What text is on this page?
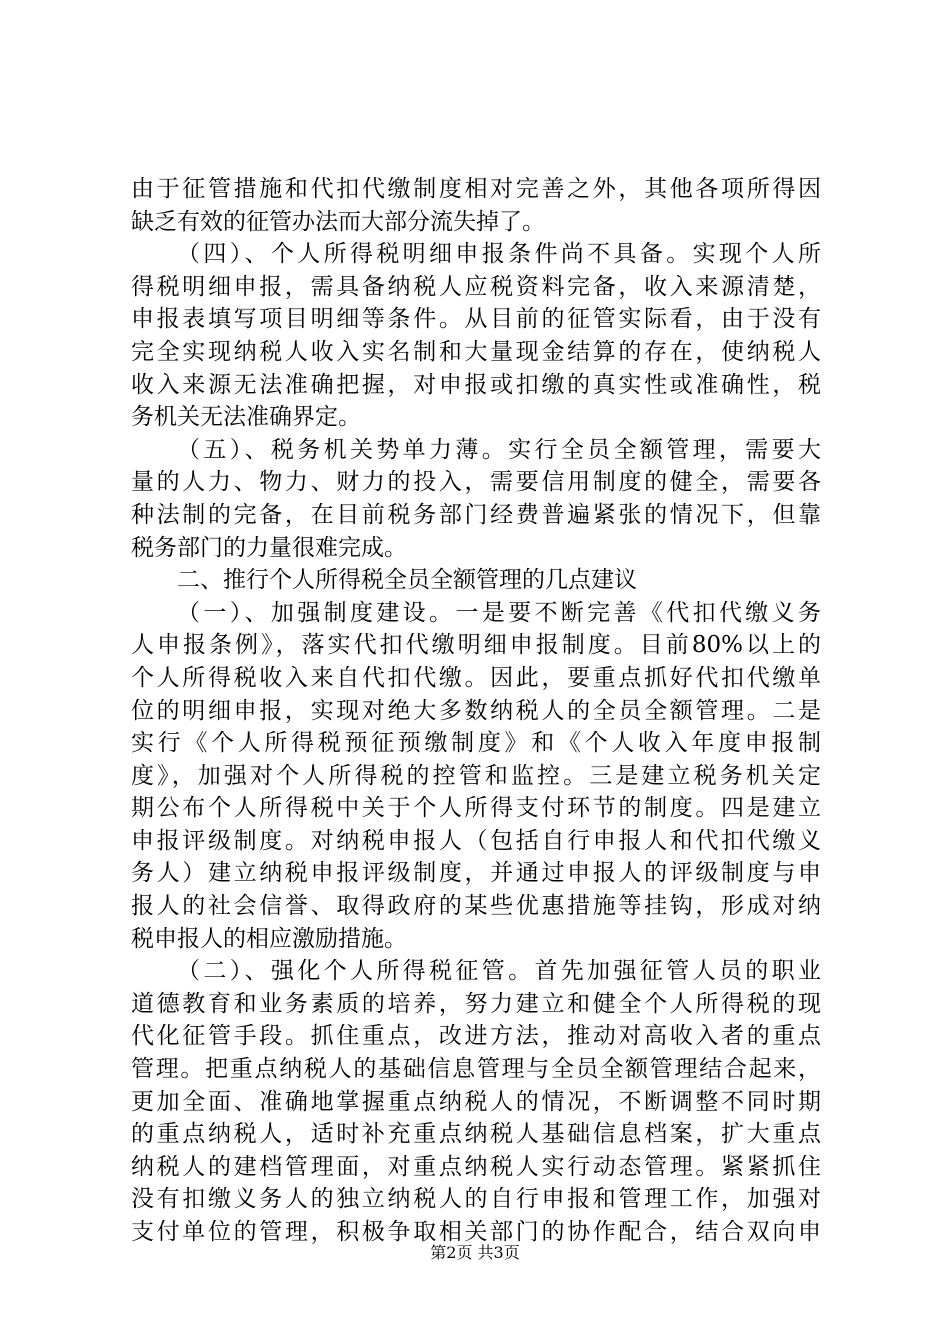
由于征管措施和代扣代缴制度相对完善之外，其他各项所得因
缺乏有效的征管办法而大部分流失掉了。
（四）、个人所得税明细申报条件尚不具备。实现个人所
得税明细申报，需具备纳税人应税资料完备，收入来源清楚，
申报表填写项目明细等条件。从目前的征管实际看，由于没有
完全实现纳税人收入实名制和大量现金结算的存在，使纳税人
收入来源无法准确把握，对申报或扣缴的真实性或准确性，税
务机关无法准确界定。
（五）、税务机关势单力薄。实行全员全额管理，需要大
量的人力、物力、财力的投入，需要信用制度的健全，需要各
种法制的完备，在目前税务部门经费普遍紧张的情况下，但靠
税务部门的力量很难完成。
二、推行个人所得税全员全额管理的几点建议
（一）、加强制度建设。一是要不断完善《代扣代缴义务
人申报条例》，落实代扣代缴明细申报制度。目前80%以上的
个人所得税收入来自代扣代缴。因此，要重点抓好代扣代缴单
位的明细申报，实现对绝大多数纳税人的全员全额管理。二是
实行《个人所得税预征预缴制度》和《个人收入年度申报制
度》，加强对个人所得税的控管和监控。三是建立税务机关定
期公布个人所得税中关于个人所得支付环节的制度。四是建立
申报评级制度。对纳税申报人（包括自行申报人和代扣代缴义
务人）建立纳税申报评级制度，并通过申报人的评级制度与申
报人的社会信誉、取得政府的某些优惠措施等挂钩，形成对纳
税申报人的相应激励措施。
（二）、强化个人所得税征管。首先加强征管人员的职业
道德教育和业务素质的培养，努力建立和健全个人所得税的现
代化征管手段。抓住重点，改进方法，推动对高收入者的重点
管理。把重点纳税人的基础信息管理与全员全额管理结合起来，
更加全面、准确地掌握重点纳税人的情况，不断调整不同时期
的重点纳税人，适时补充重点纳税人基础信息档案，扩大重点
纳税人的建档管理面，对重点纳税人实行动态管理。紧紧抓住
没有扣缴义务人的独立纳税人的自行申报和管理工作，加强对
支付单位的管理，积极争取相关部门的协作配合，结合双向申
第2页 共3页
